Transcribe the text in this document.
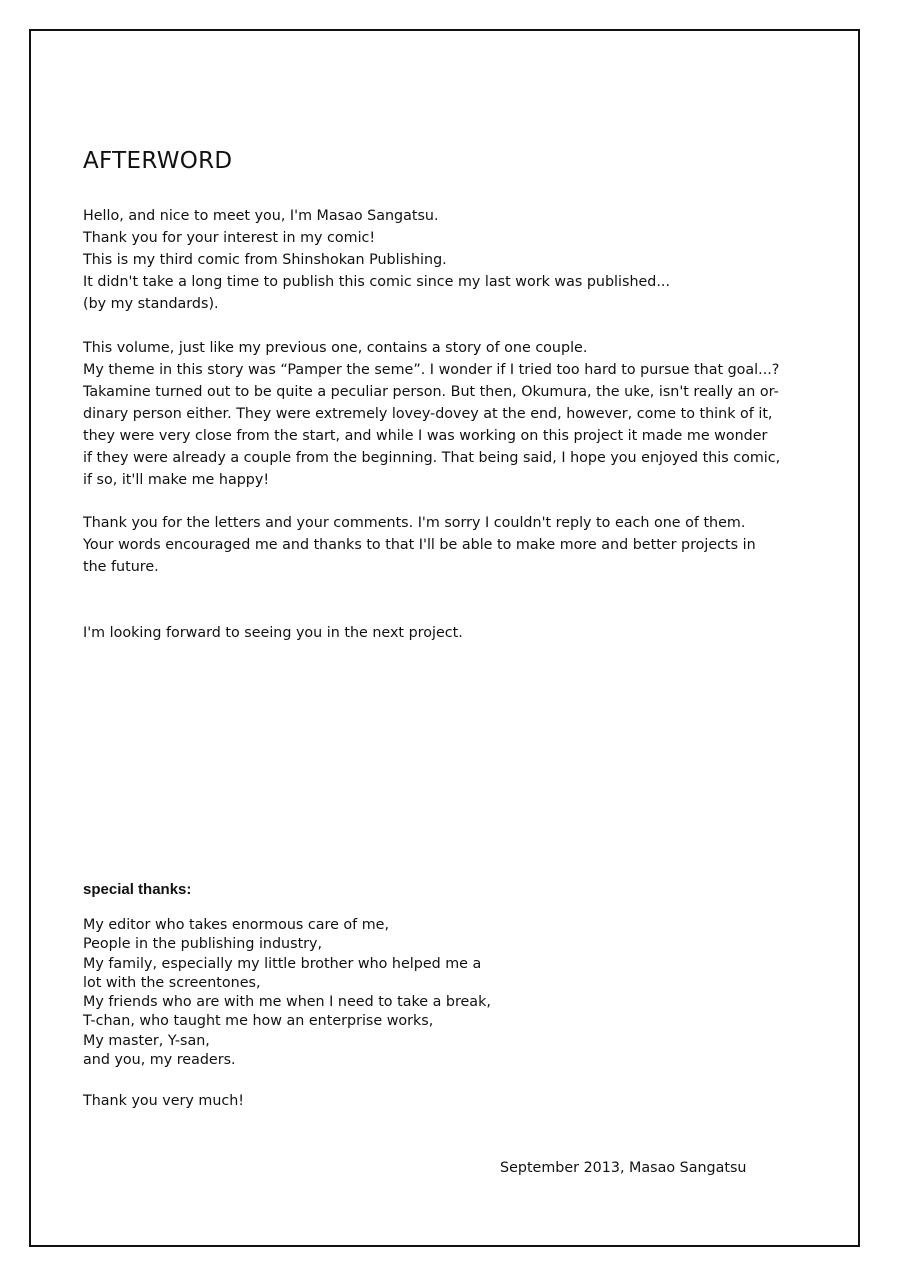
AFTERWORD
Hello, and nice to meet you, I'm Masao Sangatsu.
Thank you for your interest in my comic!
This is my third comic from Shinshokan Publishing.
It didn't take a long time to publish this comic since my last work was published...
(by my standards).
This volume, just like my previous one, contains a story of one couple.
My theme in this story was “Pamper the seme”. I wonder if I tried too hard to pursue that goal...?
Takamine turned out to be quite a peculiar person. But then, Okumura, the uke, isn't really an or-
dinary person either. They were extremely lovey-dovey at the end, however, come to think of it,
they were very close from the start, and while I was working on this project it made me wonder
if they were already a couple from the beginning. That being said, I hope you enjoyed this comic,
if so, it'll make me happy!
Thank you for the letters and your comments. I'm sorry I couldn't reply to each one of them.
Your words encouraged me and thanks to that I'll be able to make more and better projects in
the future.
I'm looking forward to seeing you in the next project.
special thanks:
My editor who takes enormous care of me,
People in the publishing industry,
My family, especially my little brother who helped me a
lot with the screentones,
My friends who are with me when I need to take a break,
T-chan, who taught me how an enterprise works,
My master, Y-san,
and you, my readers.
Thank you very much!

September 2013, Masao Sangatsu
